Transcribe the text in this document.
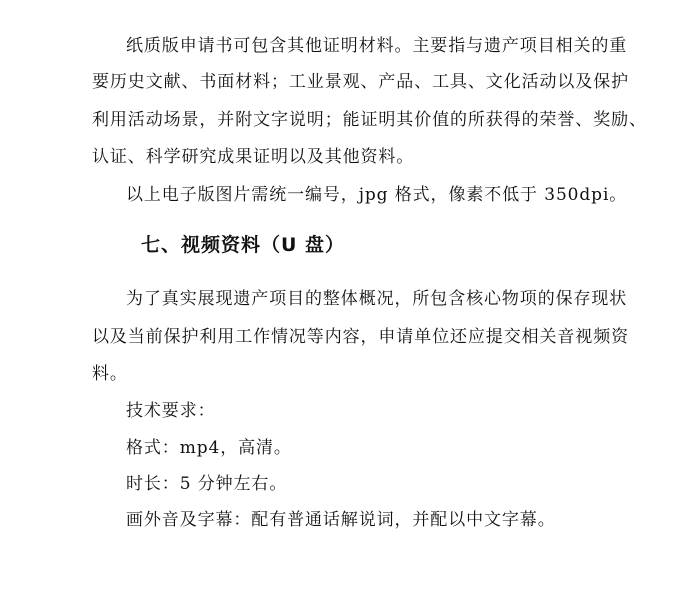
纸质版申请书可包含其他证明材料。主要指与遗产项目相关的重
要历史文献、书面材料；工业景观、产品、工具、文化活动以及保护
利用活动场景，并附文字说明；能证明其价值的所获得的荣誉、奖励、
认证、科学研究成果证明以及其他资料。
以上电子版图片需统一编号，jpg 格式，像素不低于 350dpi。
七、视频资料（U 盘）
为了真实展现遗产项目的整体概况，所包含核心物项的保存现状
以及当前保护利用工作情况等内容，申请单位还应提交相关音视频资
料。
技术要求：
格式：mp4，高清。
时长：5 分钟左右。
画外音及字幕：配有普通话解说词，并配以中文字幕。
